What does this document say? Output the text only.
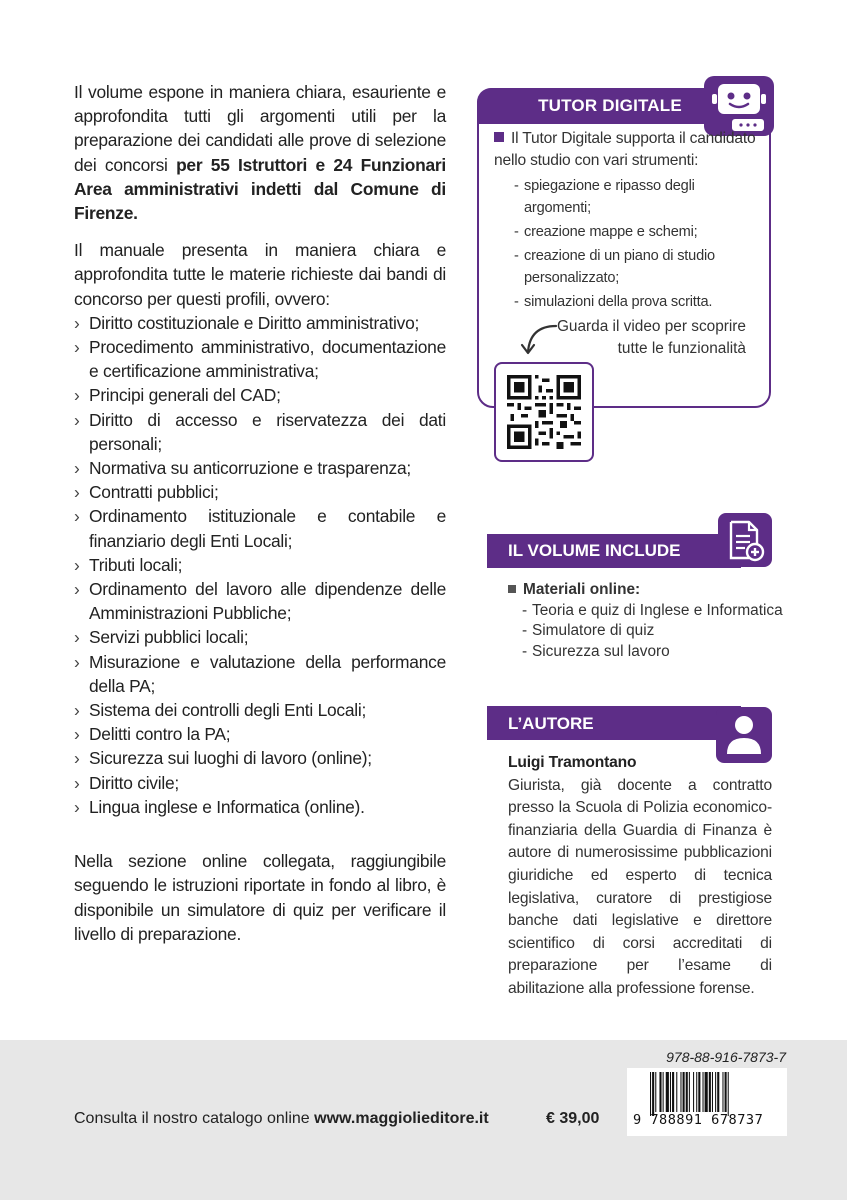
Il volume espone in maniera chiara, esauriente e approfondita tutti gli argomenti utili per la preparazione dei candidati alle prove di selezione dei concorsi per 55 Istruttori e 24 Funzionari Area amministrativi indetti dal Comune di Firenze.

Il manuale presenta in maniera chiara e approfondita tutte le materie richieste dai bandi di concorso per questi profili, ovvero:

› Diritto costituzionale e Diritto amministrativo;
› Procedimento amministrativo, documentazione e certificazione amministrativa;
› Principi generali del CAD;
› Diritto di accesso e riservatezza dei dati personali;
› Normativa su anticorruzione e trasparenza;
› Contratti pubblici;
› Ordinamento istituzionale e contabile e finanziario degli Enti Locali;
› Tributi locali;
› Ordinamento del lavoro alle dipendenze delle Amministrazioni Pubbliche;
› Servizi pubblici locali;
› Misurazione e valutazione della performance della PA;
› Sistema dei controlli degli Enti Locali;
› Delitti contro la PA;
› Sicurezza sui luoghi di lavoro (online);
› Diritto civile;
› Lingua inglese e Informatica (online).

Nella sezione online collegata, raggiungibile seguendo le istruzioni riportate in fondo al libro, è disponibile un simulatore di quiz per verificare il livello di preparazione.

TUTOR DIGITALE
Il Tutor Digitale supporta il candidato nello studio con vari strumenti:
- spiegazione e ripasso degli argomenti;
- creazione mappe e schemi;
- creazione di un piano di studio personalizzato;
- simulazioni della prova scritta.
Guarda il video per scoprire
tutte le funzionalità
IL VOLUME INCLUDE
Materiali online:
- Teoria e quiz di Inglese e Informatica
- Simulatore di quiz
- Sicurezza sul lavoro
L’AUTORE
Luigi Tramontano
Giurista, già docente a contratto presso la Scuola di Polizia economico-finanziaria della Guardia di Finanza è autore di numerosissime pubblicazioni giuridiche ed esperto di tecnica legislativa, curatore di prestigiose banche dati legislative e direttore scientifico di corsi accreditati di preparazione per l’esame di abilitazione alla professione forense.
Consulta il nostro catalogo online www.maggiolieditore.it	€ 39,00
978-88-916-7873-7
9 788891 678737
